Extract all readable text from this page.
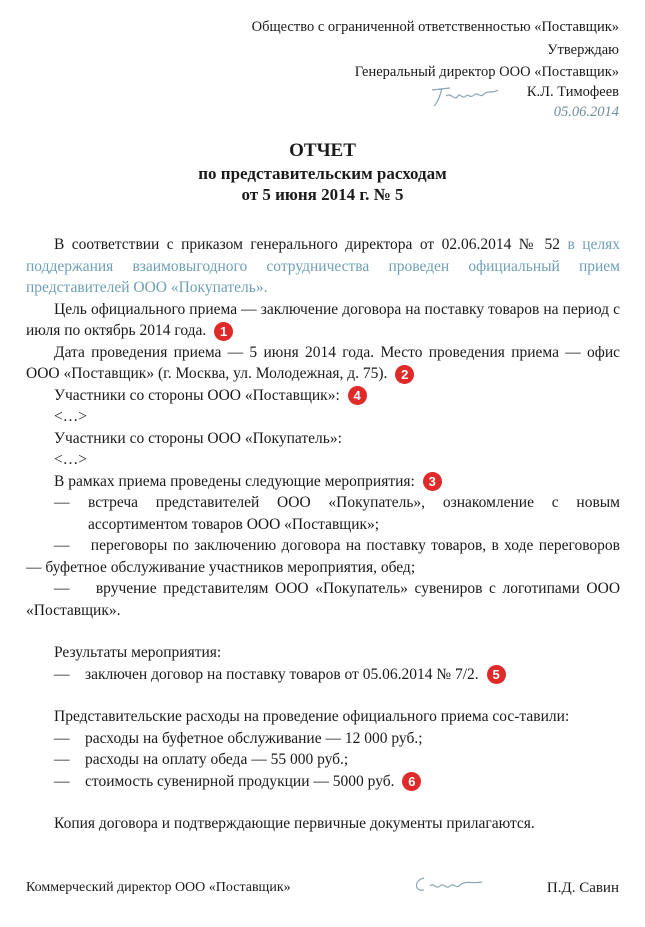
Общество с ограниченной ответственностью «Поставщик»
Утверждаю
Генеральный директор ООО «Поставщик»
К.Л. Тимофеев
05.06.2014
ОТЧЕТ
по представительским расходам
от 5 июня 2014 г. № 5

В соответствии с приказом генерального директора от 02.06.2014 № 52 в целях поддержания взаимовыгодного сотрудничества проведен официальный прием представителей ООО «Покупатель».

Цель официального приема — заключение договора на поставку товаров на период с июля по октябрь 2014 года. 1

Дата проведения приема — 5 июня 2014 года. Место проведения приема — офис ООО «Поставщик» (г. Москва, ул. Молодежная, д. 75). 2

Участники со стороны ООО «Поставщик»: 4

<…>

Участники со стороны ООО «Покупатель»:

<…>

В рамках приема проведены следующие мероприятия: 3

—	встреча представителей ООО «Покупатель», ознакомление с новым ассортиментом товаров ООО «Поставщик»;

— переговоры по заключению договора на поставку товаров, в ходе переговоров — буфетное обслуживание участников мероприятия, обед;

— вручение представителям ООО «Покупатель» сувениров с логотипами ООО «Поставщик».

Результаты мероприятия:

— заключен договор на поставку товаров от 05.06.2014 № 7/2. 5

Представительские расходы на проведение официального приема сос-тавили:

— расходы на буфетное обслуживание — 12 000 руб.;

— расходы на оплату обеда — 55 000 руб.;

— стоимость сувенирной продукции — 5000 руб. 6

Копия договора и подтверждающие первичные документы прилагаются.

Коммерческий директор ООО «Поставщик»	П.Д. Савин
